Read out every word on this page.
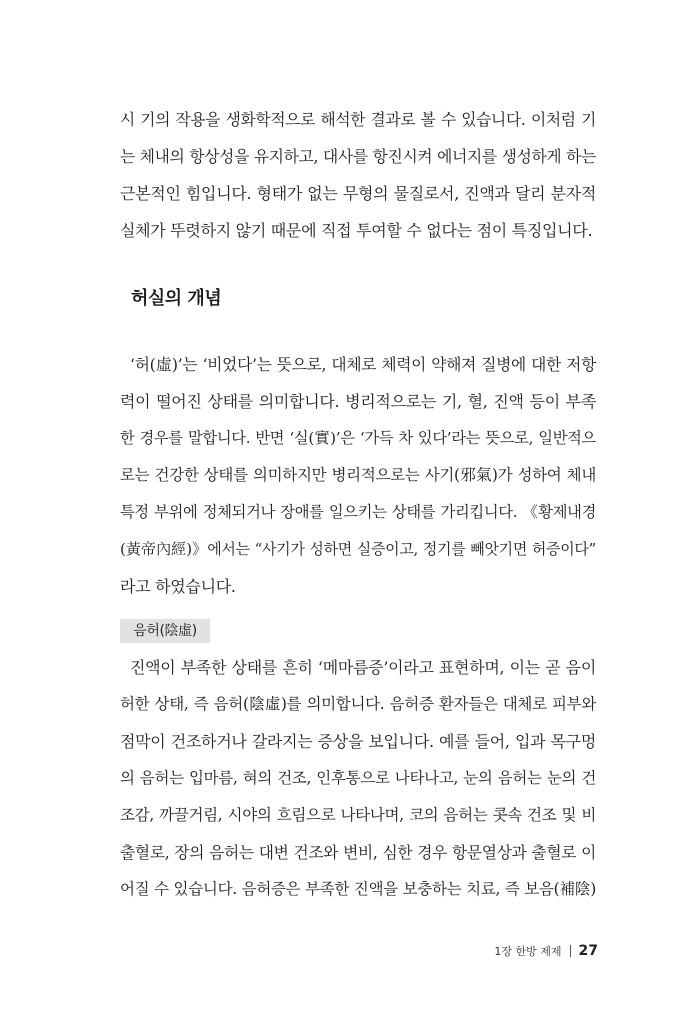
시 기의 작용을 생화학적으로 해석한 결과로 볼 수 있습니다. 이처럼 기
는 체내의 항상성을 유지하고, 대사를 항진시켜 에너지를 생성하게 하는
근본적인 힘입니다. 형태가 없는 무형의 물질로서, 진액과 달리 분자적
실체가 뚜렷하지 않기 때문에 직접 투여할 수 없다는 점이 특징입니다.
허실의 개념
‘허(虛)’는 ‘비었다’는 뜻으로, 대체로 체력이 약해져 질병에 대한 저항
력이 떨어진 상태를 의미합니다. 병리적으로는 기, 혈, 진액 등이 부족
한 경우를 말합니다. 반면 ‘실(實)’은 ‘가득 차 있다’라는 뜻으로, 일반적으
로는 건강한 상태를 의미하지만 병리적으로는 사기(邪氣)가 성하여 체내
특정 부위에 정체되거나 장애를 일으키는 상태를 가리킵니다. 《황제내경
(黃帝內經)》에서는 “사기가 성하면 실증이고, 정기를 빼앗기면 허증이다”
라고 하였습니다.
음허(陰虛)
진액이 부족한 상태를 흔히 ‘메마름증’이라고 표현하며, 이는 곧 음이
허한 상태, 즉 음허(陰虛)를 의미합니다. 음허증 환자들은 대체로 피부와
점막이 건조하거나 갈라지는 증상을 보입니다. 예를 들어, 입과 목구멍
의 음허는 입마름, 혀의 건조, 인후통으로 나타나고, 눈의 음허는 눈의 건
조감, 까끌거림, 시야의 흐림으로 나타나며, 코의 음허는 콧속 건조 및 비
출혈로, 장의 음허는 대변 건조와 변비, 심한 경우 항문열상과 출혈로 이
어질 수 있습니다. 음허증은 부족한 진액을 보충하는 치료, 즉 보음(補陰)
1장 한방 제제 27
